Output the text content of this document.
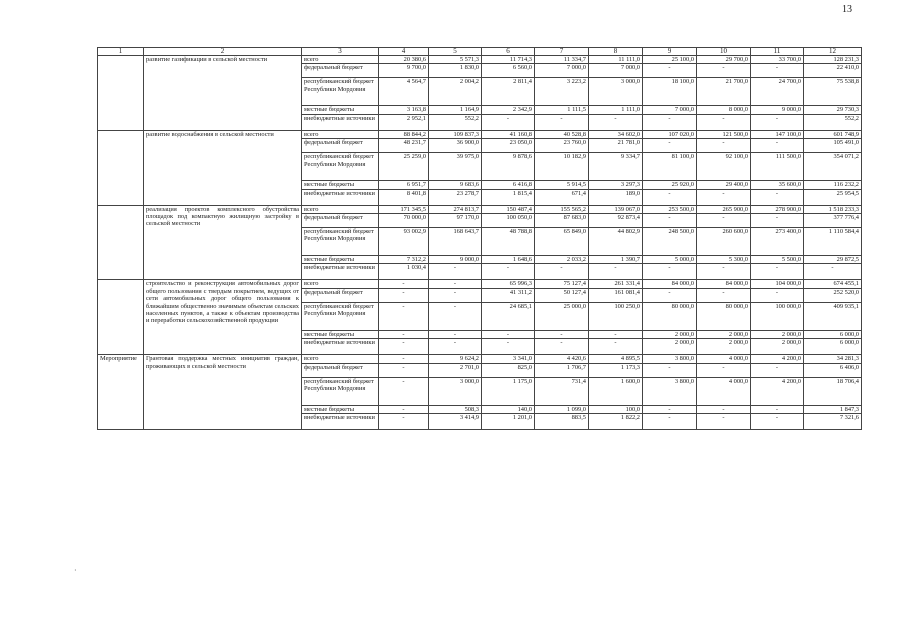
13
1	2	3	4	5	6	7	8	9	10	11	12
	развитие газификации в сельской местности	всего	20 380,6	5 571,3	11 714,3	11 334,7	11 111,0	25 100,0	29 700,0	33 700,0	128 231,3
		федеральный бюджет	9 700,0	1 830,0	6 560,0	7 000,0	7 000,0	-	-	-	22 410,0
		республиканский бюджет Республики Мордовия	4 564,7	2 004,2	2 811,4	3 223,2	3 000,0	18 100,0	21 700,0	24 700,0	75 538,8
		местные бюджеты	3 163,8	1 164,9	2 342,9	1 111,5	1 111,0	7 000,0	8 000,0	9 000,0	29 730,3
		внебюджетные источники	2 952,1	552,2	-	-	-	-	-	-	552,2
	развитие водоснабжения в сельской местности	всего	88 844,2	109 837,3	41 160,8	40 528,8	34 602,0	107 020,0	121 500,0	147 100,0	601 748,9
		федеральный бюджет	48 231,7	36 900,0	23 050,0	23 760,0	21 781,0	-	-	-	105 491,0
		республиканский бюджет Республики Мордовия	25 259,0	39 975,0	9 878,6	10 182,9	9 334,7	81 100,0	92 100,0	111 500,0	354 071,2
		местные бюджеты	6 951,7	9 683,6	6 416,8	5 914,5	3 297,3	25 920,0	29 400,0	35 600,0	116 232,2
		внебюджетные источники	8 401,8	23 278,7	1 815,4	671,4	189,0	-	-	-	25 954,5
	реализация проектов комплексного обустройства площадок под компактную жилищную застройку в сельской местности	всего	171 345,5	274 813,7	150 487,4	155 565,2	139 067,0	253 500,0	265 900,0	278 900,0	1 518 233,3
		федеральный бюджет	70 000,0	97 170,0	100 050,0	87 683,0	92 873,4	-	-	-	377 776,4
		республиканский бюджет Республики Мордовия	93 002,9	168 643,7	48 788,8	65 849,0	44 802,9	248 500,0	260 600,0	273 400,0	1 110 584,4
		местные бюджеты	7 312,2	9 000,0	1 648,6	2 033,2	1 390,7	5 000,0	5 300,0	5 500,0	29 872,5
		внебюджетные источники	1 030,4	-	-	-	-	-	-	-	-
	строительство и реконструкция автомобильных дорог общего пользования с твердым покрытием, ведущих от сети автомобильных дорог общего пользования к ближайшим общественно значимым объектам сельских населенных пунктов, а также к объектам производства и переработки сельскохозяйственной продукции	всего	-	-	65 996,3	75 127,4	261 331,4	84 000,0	84 000,0	104 000,0	674 455,1
		федеральный бюджет	-	-	41 311,2	50 127,4	161 081,4	-	-	-	252 520,0
		республиканский бюджет Республики Мордовия	-	-	24 685,1	25 000,0	100 250,0	80 000,0	80 000,0	100 000,0	409 935,1
		местные бюджеты	-	-	-	-	-	2 000,0	2 000,0	2 000,0	6 000,0
		внебюджетные источники	-	-	-	-	-	2 000,0	2 000,0	2 000,0	6 000,0
Мероприятие	Грантовая поддержка местных инициатив граждан, проживающих в сельской местности	всего	-	9 624,2	3 341,0	4 420,6	4 895,5	3 800,0	4 000,0	4 200,0	34 281,3
		федеральный бюджет	-	2 701,0	825,0	1 706,7	1 173,3	-	-	-	6 406,0
		республиканский бюджет Республики Мордовия	-	3 000,0	1 175,0	731,4	1 600,0	3 800,0	4 000,0	4 200,0	18 706,4
		местные бюджеты	-	508,3	140,0	1 099,0	100,0	-	-	-	1 847,3
		внебюджетные источники	-	3 414,9	1 201,0	883,5	1 822,2	-	-	-	7 321,6
·
